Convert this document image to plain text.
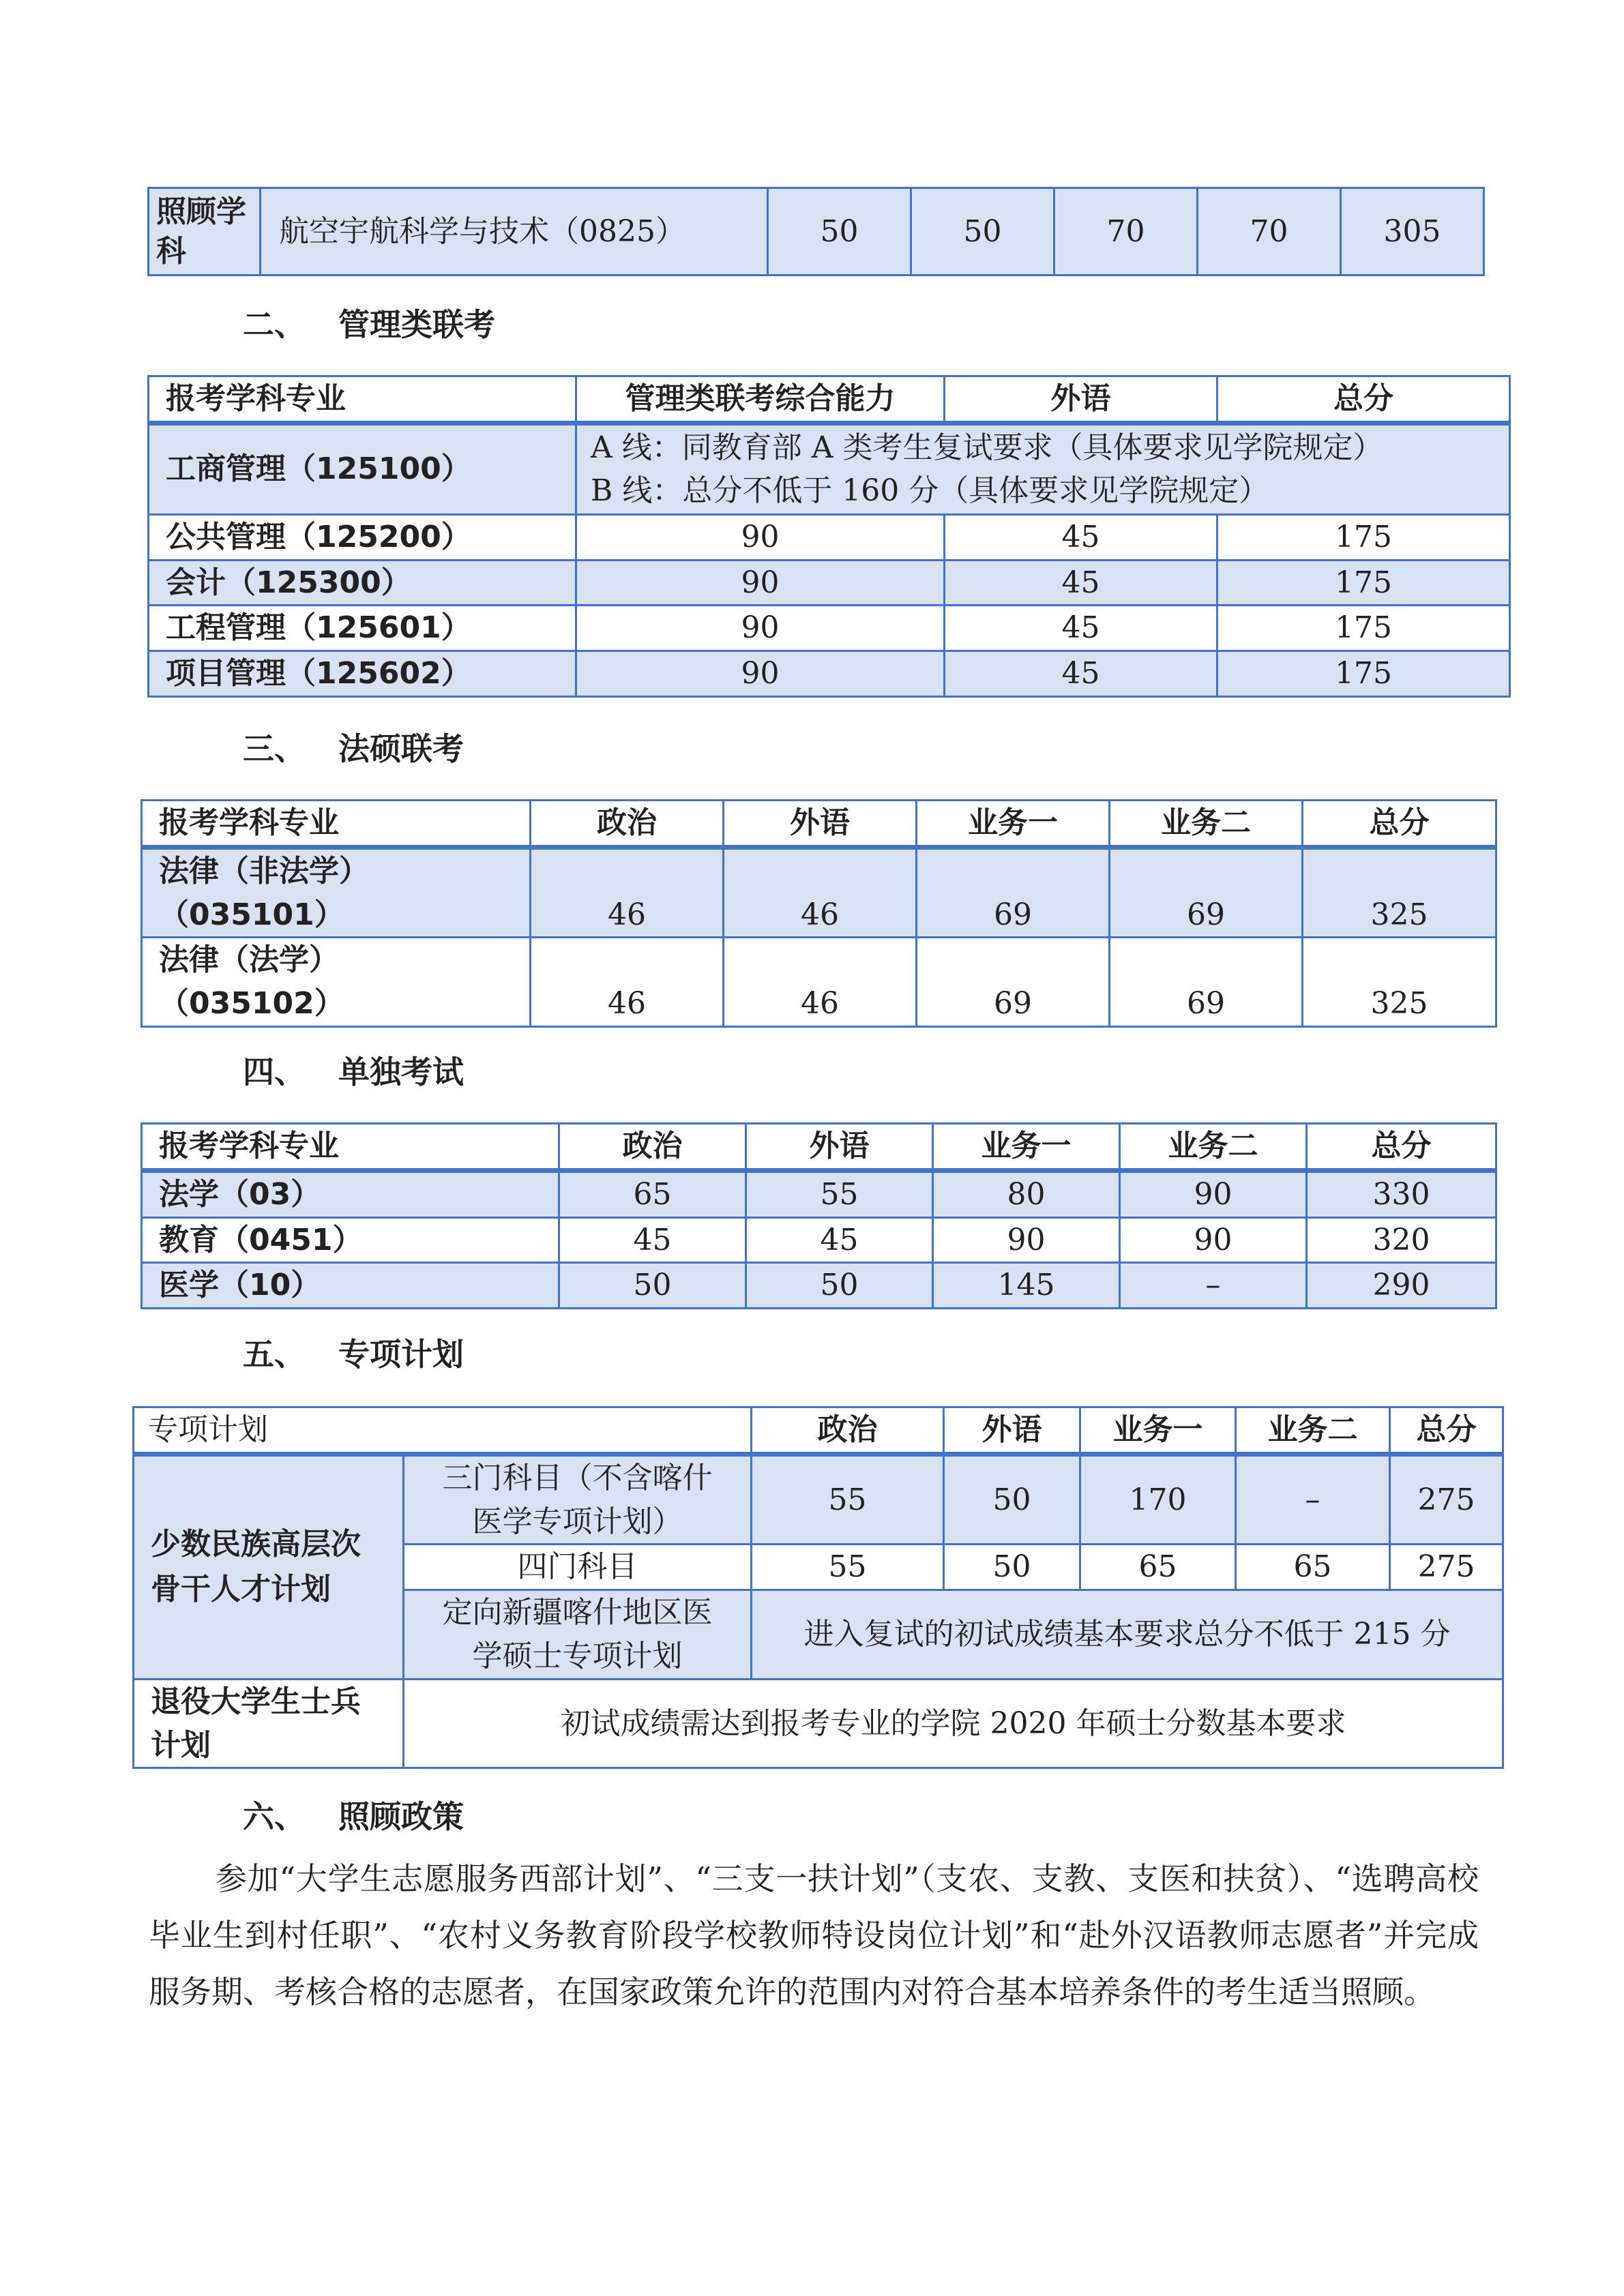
照顾学科	航空宇航科学与技术（0825）	50	50	70	70	305
二、 管理类联考
报考学科专业	管理类联考综合能力	外语	总分
工商管理（125100）	A 线：同教育部 A 类考生复试要求（具体要求见学院规定）
B 线：总分不低于 160 分（具体要求见学院规定）		

公共管理（125200）	90	45	175
会计（125300）	90	45	175
工程管理（125601）	90	45	175
项目管理（125602）	90	45	175
三、 法硕联考
报考学科专业	政治	外语	业务一	业务二	总分

法律（非法学）
（035101）	46	46	69	69	325

法律（法学）
（035102）	46	46	69	69	325
四、 单独考试
报考学科专业	政治	外语	业务一	业务二	总分
法学（03）	65	55	80	90	330
教育（0451）	45	45	90	90	320
医学（10）	50	50	145	–	290
五、 专项计划
专项计划		政治	外语	业务一	业务二	总分
少数民族高层次骨干人才计划	三门科目（不含喀什医学专项计划）	55	50	170	–	275
	四门科目	55	50	65	65	275
	定向新疆喀什地区医学硕士专项计划	进入复试的初试成绩基本要求总分不低于 215 分				
退役大学生士兵计划	初试成绩需达到报考专业的学院 2020 年硕士分数基本要求					
六、 照顾政策
参加“大学生志愿服务西部计划”、“三支一扶计划”（支农、支教、支医和扶贫）、“选聘高校毕业生到村任职”、“农村义务教育阶段学校教师特设岗位计划”和“赴外汉语教师志愿者”并完成服务期、考核合格的志愿者，在国家政策允许的范围内对符合基本培养条件的考生适当照顾。
